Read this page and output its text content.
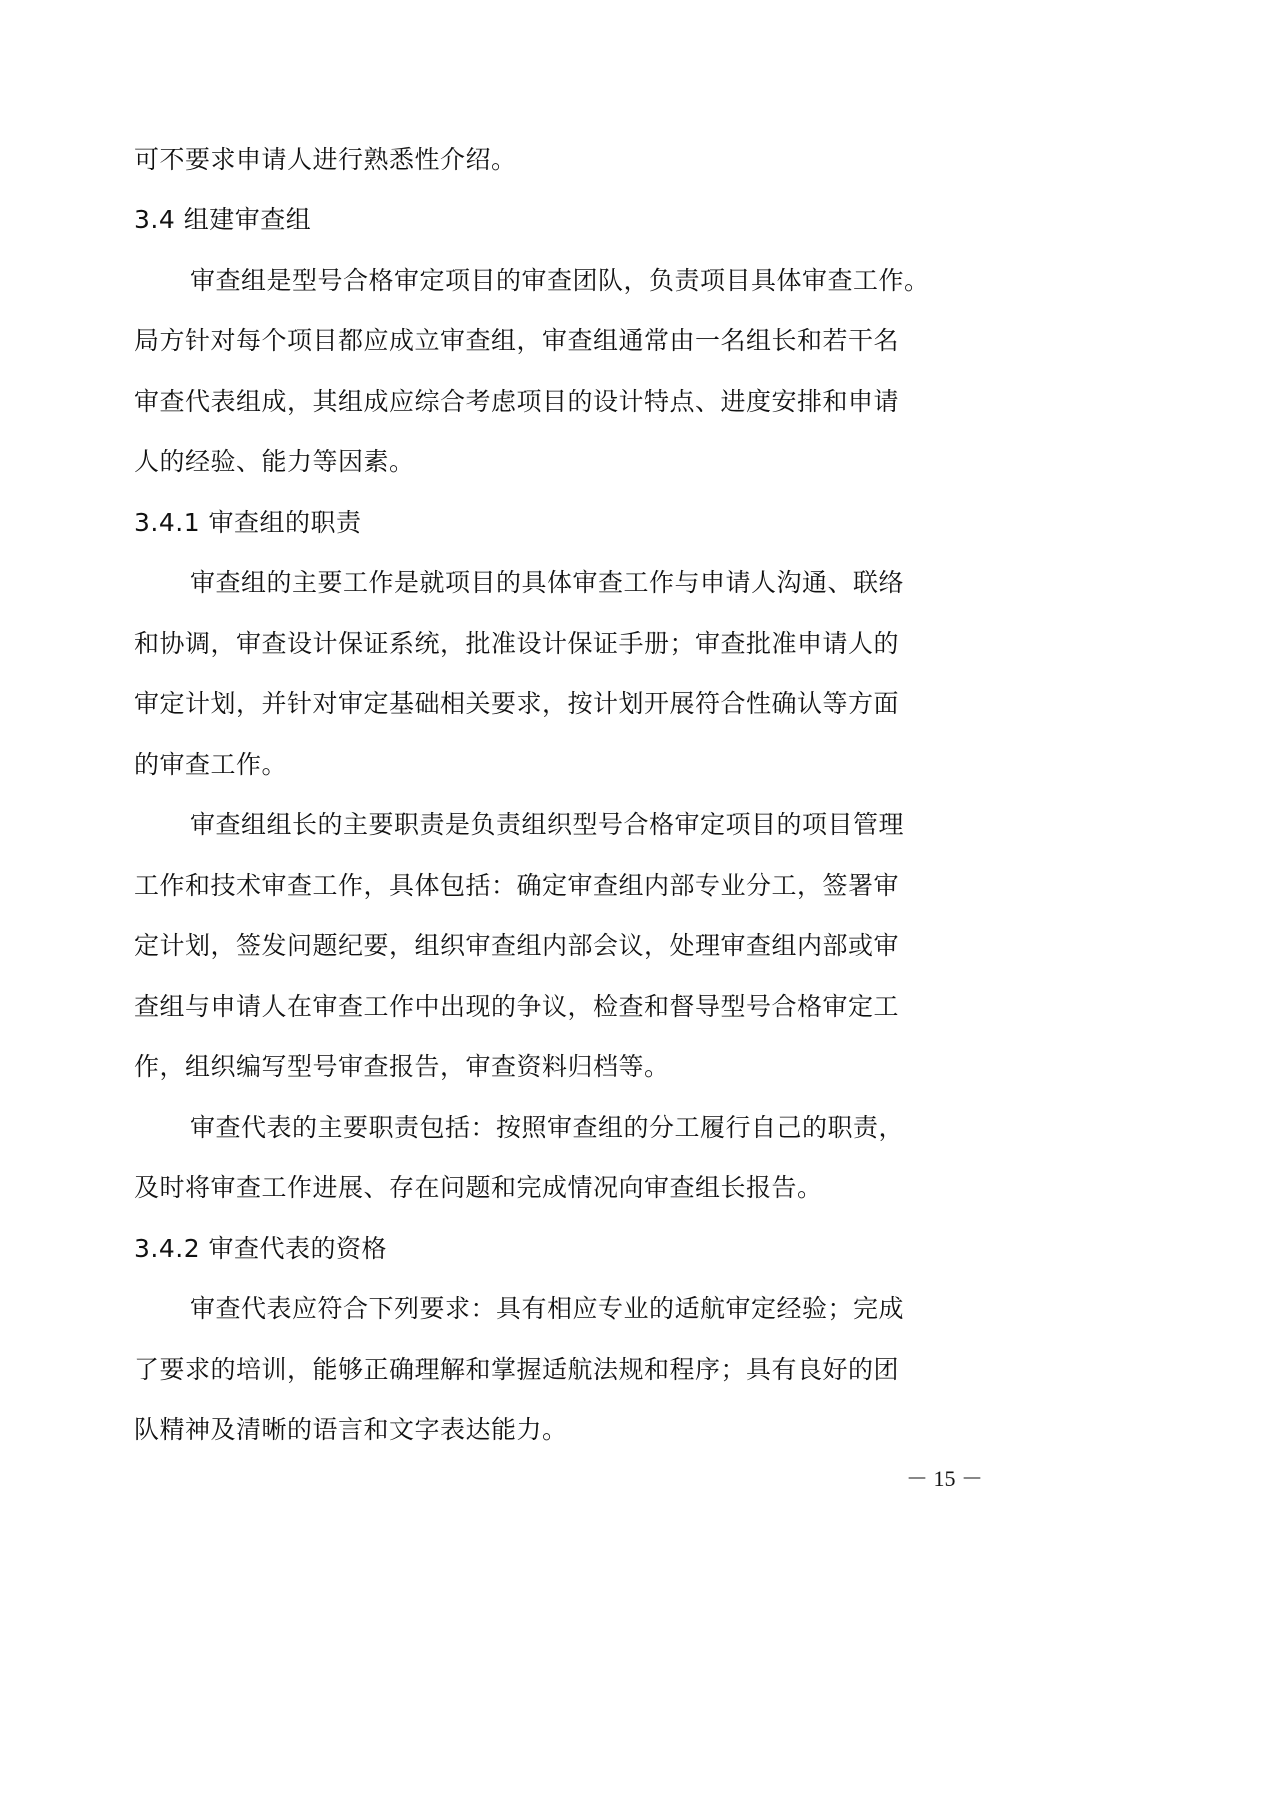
可不要求申请人进行熟悉性介绍。
3.4 组建审查组
审查组是型号合格审定项目的审查团队，负责项目具体审查工作。
局方针对每个项目都应成立审查组，审查组通常由一名组长和若干名
审查代表组成，其组成应综合考虑项目的设计特点、进度安排和申请
人的经验、能力等因素。
3.4.1 审查组的职责
审查组的主要工作是就项目的具体审查工作与申请人沟通、联络
和协调，审查设计保证系统，批准设计保证手册；审查批准申请人的
审定计划，并针对审定基础相关要求，按计划开展符合性确认等方面
的审查工作。
审查组组长的主要职责是负责组织型号合格审定项目的项目管理
工作和技术审查工作，具体包括：确定审查组内部专业分工，签署审
定计划，签发问题纪要，组织审查组内部会议，处理审查组内部或审
查组与申请人在审查工作中出现的争议，检查和督导型号合格审定工
作，组织编写型号审查报告，审查资料归档等。
审查代表的主要职责包括：按照审查组的分工履行自己的职责，
及时将审查工作进展、存在问题和完成情况向审查组长报告。
3.4.2 审查代表的资格
审查代表应符合下列要求：具有相应专业的适航审定经验；完成
了要求的培训，能够正确理解和掌握适航法规和程序；具有良好的团
队精神及清晰的语言和文字表达能力。
－ 15 －
